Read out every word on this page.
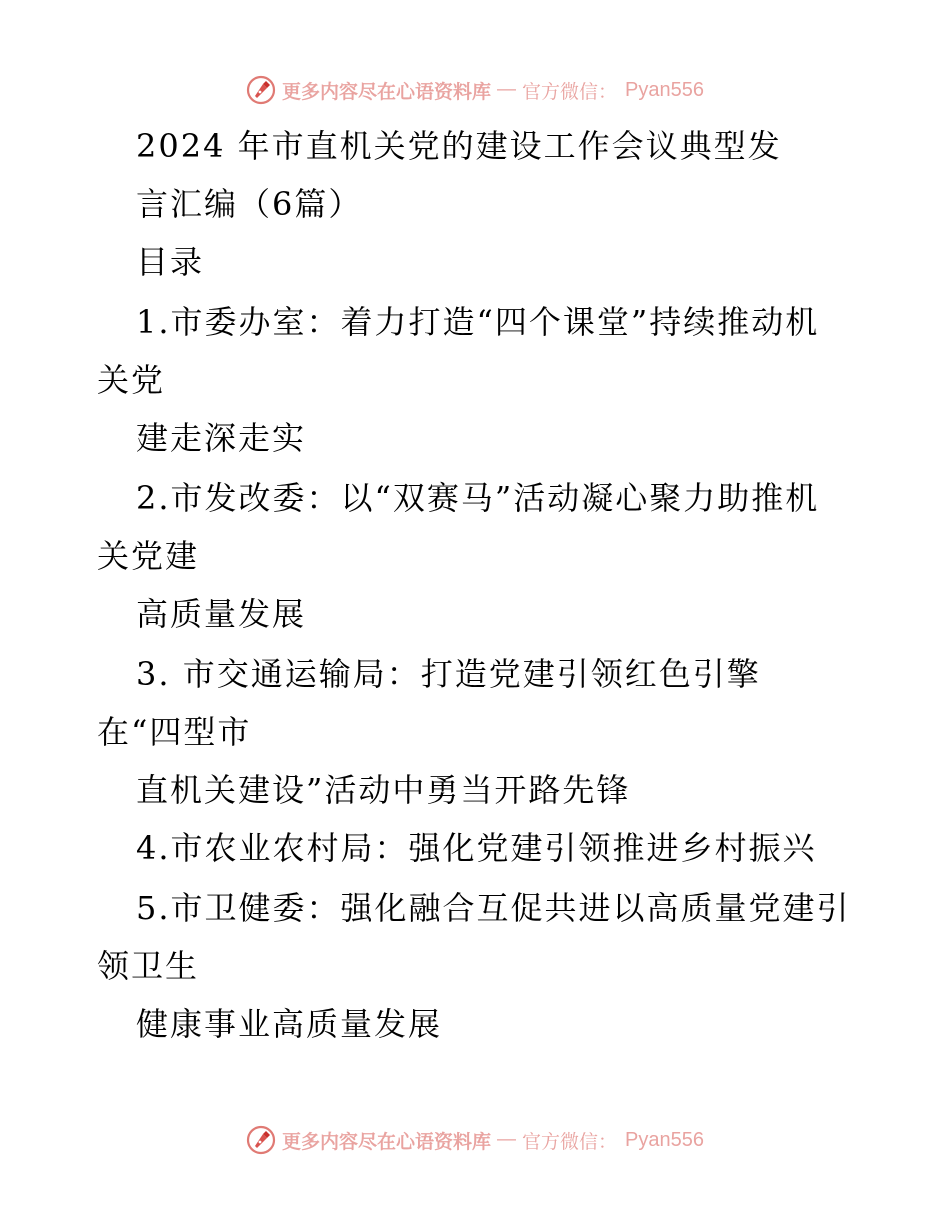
更多内容尽在心语资料库 — 官方微信： Pyan556
2024 年市直机关党的建设工作会议典型发
言汇编（6篇）
目录
1.市委办室：着力打造“四个课堂”持续推动机
关党
建走深走实
2.市发改委：以“双赛马”活动凝心聚力助推机
关党建
高质量发展
3. 市交通运输局：打造党建引领红色引擎
在“四型市
直机关建设”活动中勇当开路先锋
4.市农业农村局：强化党建引领推进乡村振兴
5.市卫健委：强化融合互促共进以高质量党建引
领卫生
健康事业高质量发展
更多内容尽在心语资料库 — 官方微信： Pyan556
